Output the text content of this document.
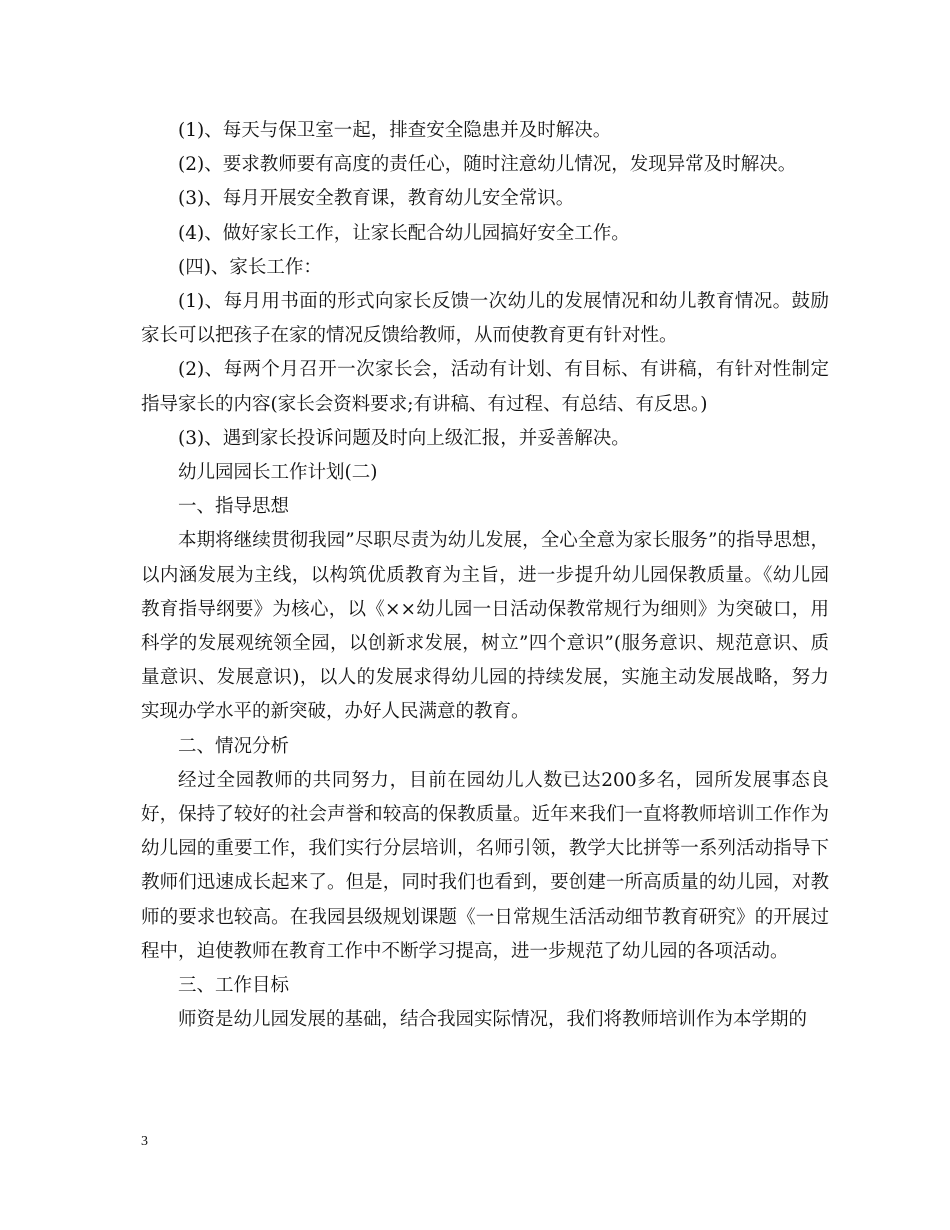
(1)、每天与保卫室一起，排查安全隐患并及时解决。

(2)、要求教师要有高度的责任心，随时注意幼儿情况，发现异常及时解决。

(3)、每月开展安全教育课，教育幼儿安全常识。

(4)、做好家长工作，让家长配合幼儿园搞好安全工作。

(四)、家长工作：

(1)、每月用书面的形式向家长反馈一次幼儿的发展情况和幼儿教育情况。鼓励家长可以把孩子在家的情况反馈给教师，从而使教育更有针对性。

(2)、每两个月召开一次家长会，活动有计划、有目标、有讲稿，有针对性制定指导家长的内容(家长会资料要求;有讲稿、有过程、有总结、有反思。)

(3)、遇到家长投诉问题及时向上级汇报，并妥善解决。

幼儿园园长工作计划(二)

一、指导思想

本期将继续贯彻我园”尽职尽责为幼儿发展，全心全意为家长服务”的指导思想，以内涵发展为主线，以构筑优质教育为主旨，进一步提升幼儿园保教质量。《幼儿园教育指导纲要》为核心，以《××幼儿园一日活动保教常规行为细则》为突破口，用科学的发展观统领全园，以创新求发展，树立”四个意识”(服务意识、规范意识、质量意识、发展意识)，以人的发展求得幼儿园的持续发展，实施主动发展战略，努力实现办学水平的新突破，办好人民满意的教育。

二、情况分析

经过全园教师的共同努力，目前在园幼儿人数已达200多名，园所发展事态良好，保持了较好的社会声誉和较高的保教质量。近年来我们一直将教师培训工作作为幼儿园的重要工作，我们实行分层培训，名师引领，教学大比拼等一系列活动指导下教师们迅速成长起来了。但是，同时我们也看到，要创建一所高质量的幼儿园，对教师的要求也较高。在我园县级规划课题《一日常规生活活动细节教育研究》的开展过程中，迫使教师在教育工作中不断学习提高，进一步规范了幼儿园的各项活动。

三、工作目标

师资是幼儿园发展的基础，结合我园实际情况，我们将教师培训作为本学期的

3
